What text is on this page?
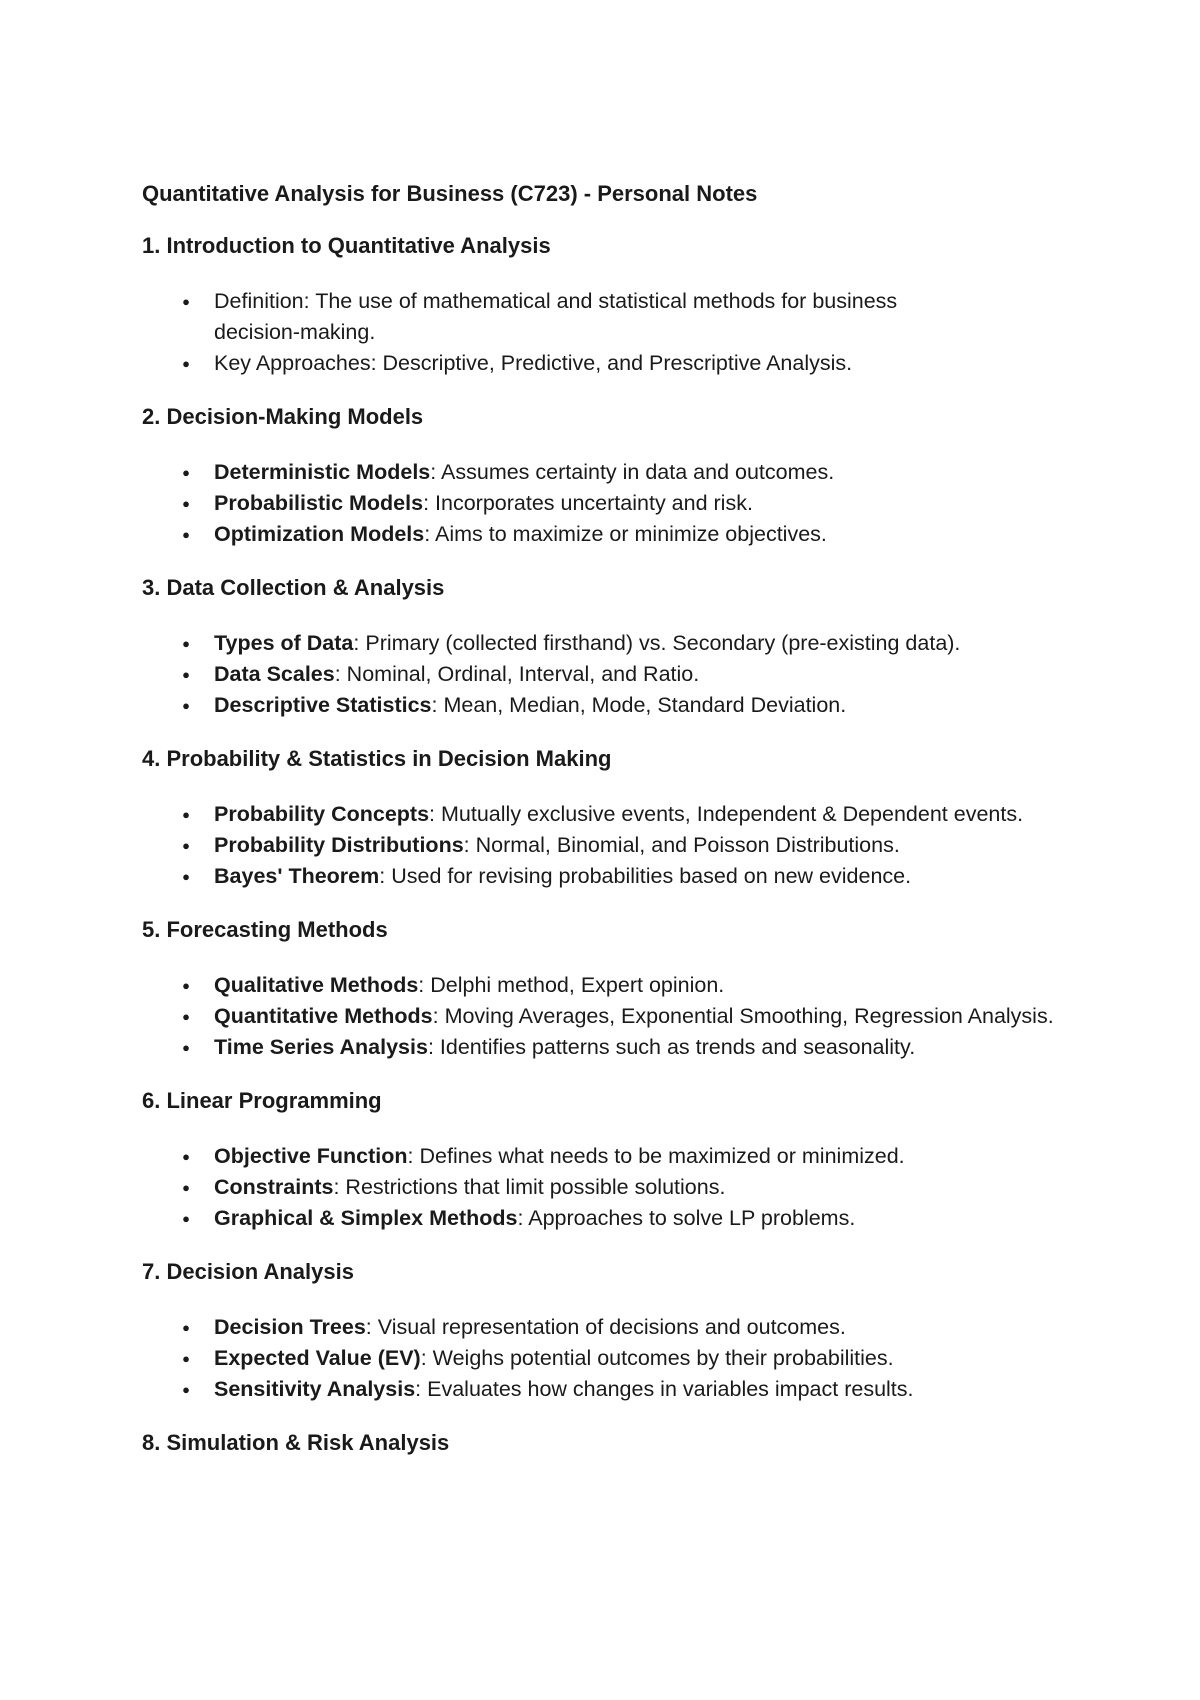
Quantitative Analysis for Business (C723) - Personal Notes

1. Introduction to Quantitative Analysis

● Definition: The use of mathematical and statistical methods for business
decision-making.
● Key Approaches: Descriptive, Predictive, and Prescriptive Analysis.

2. Decision-Making Models

● Deterministic Models: Assumes certainty in data and outcomes.
● Probabilistic Models: Incorporates uncertainty and risk.
● Optimization Models: Aims to maximize or minimize objectives.

3. Data Collection & Analysis

● Types of Data: Primary (collected firsthand) vs. Secondary (pre-existing data).
● Data Scales: Nominal, Ordinal, Interval, and Ratio.
● Descriptive Statistics: Mean, Median, Mode, Standard Deviation.

4. Probability & Statistics in Decision Making

● Probability Concepts: Mutually exclusive events, Independent & Dependent events.
● Probability Distributions: Normal, Binomial, and Poisson Distributions.
● Bayes' Theorem: Used for revising probabilities based on new evidence.

5. Forecasting Methods

● Qualitative Methods: Delphi method, Expert opinion.
● Quantitative Methods: Moving Averages, Exponential Smoothing, Regression Analysis.
● Time Series Analysis: Identifies patterns such as trends and seasonality.

6. Linear Programming

● Objective Function: Defines what needs to be maximized or minimized.
● Constraints: Restrictions that limit possible solutions.
● Graphical & Simplex Methods: Approaches to solve LP problems.

7. Decision Analysis

● Decision Trees: Visual representation of decisions and outcomes.
● Expected Value (EV): Weighs potential outcomes by their probabilities.
● Sensitivity Analysis: Evaluates how changes in variables impact results.

8. Simulation & Risk Analysis
